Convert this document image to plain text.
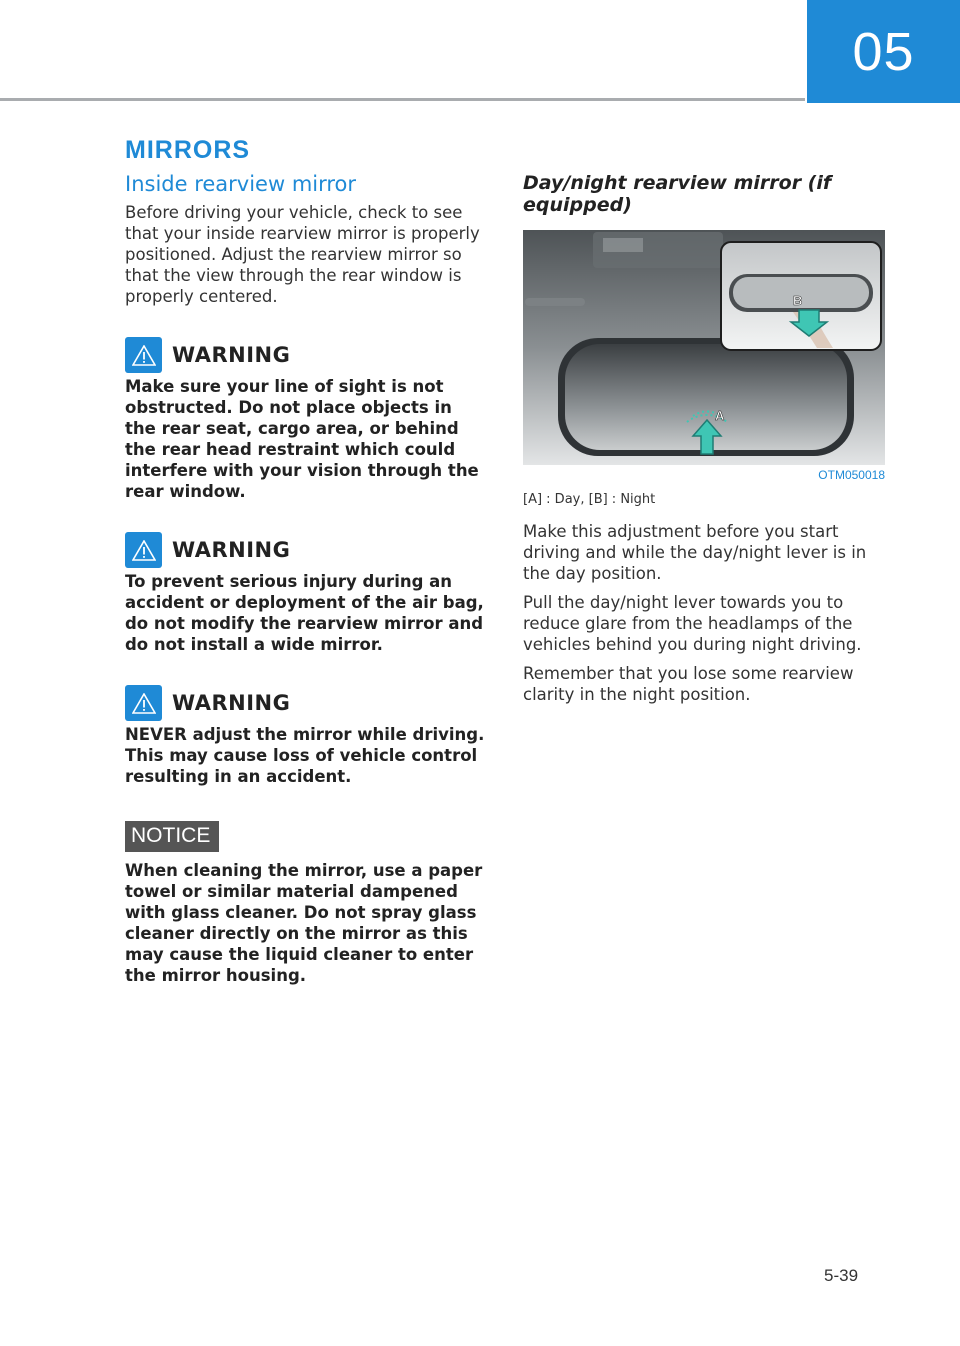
05
MIRRORS
Inside rearview mirror

Before driving your vehicle, check to see that your inside rearview mirror is properly positioned. Adjust the rearview mirror so that the view through the rear window is properly centered.

WARNING

Make sure your line of sight is not obstructed. Do not place objects in the rear seat, cargo area, or behind the rear head restraint which could interfere with your vision through the rear window.

WARNING

To prevent serious injury during an accident or deployment of the air bag, do not modify the rearview mirror and do not install a wide mirror.

WARNING

NEVER adjust the mirror while driving. This may cause loss of vehicle control resulting in an accident.

NOTICE

When cleaning the mirror, use a paper towel or similar material dampened with glass cleaner. Do not spray glass cleaner directly on the mirror as this may cause the liquid cleaner to enter the mirror housing.

Day/night rearview mirror (if equipped)
A
B
OTM050018

[A] : Day, [B] : Night

Make this adjustment before you start driving and while the day/night lever is in the day position.

Pull the day/night lever towards you to reduce glare from the headlamps of the vehicles behind you during night driving.

Remember that you lose some rearview clarity in the night position.

5-39
